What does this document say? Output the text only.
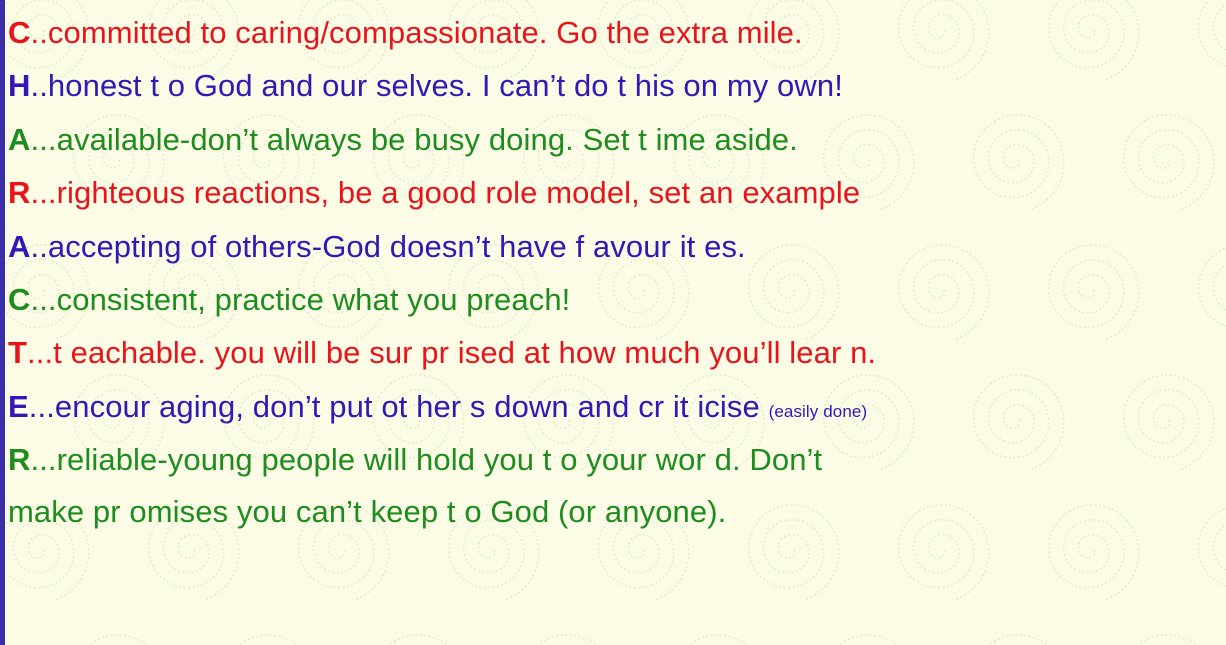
C..committed to caring/compassionate. Go the extra mile.
H..honest t o God and our selves. I can’t do t his on my own!
A...available-don’t always be busy doing. Set t ime aside.
R...righteous reactions, be a good role model, set an example
A..accepting of others-God doesn’t have f avour it es.
C...consistent, practice what you preach!
T...t eachable. you will be sur pr ised at how much you’ll lear n.
E...encour aging, don’t put ot her s down and cr it icise (easily done)
R...reliable-young people will hold you t o your wor d. Don’t
make pr omises you can’t keep t o God (or anyone).
